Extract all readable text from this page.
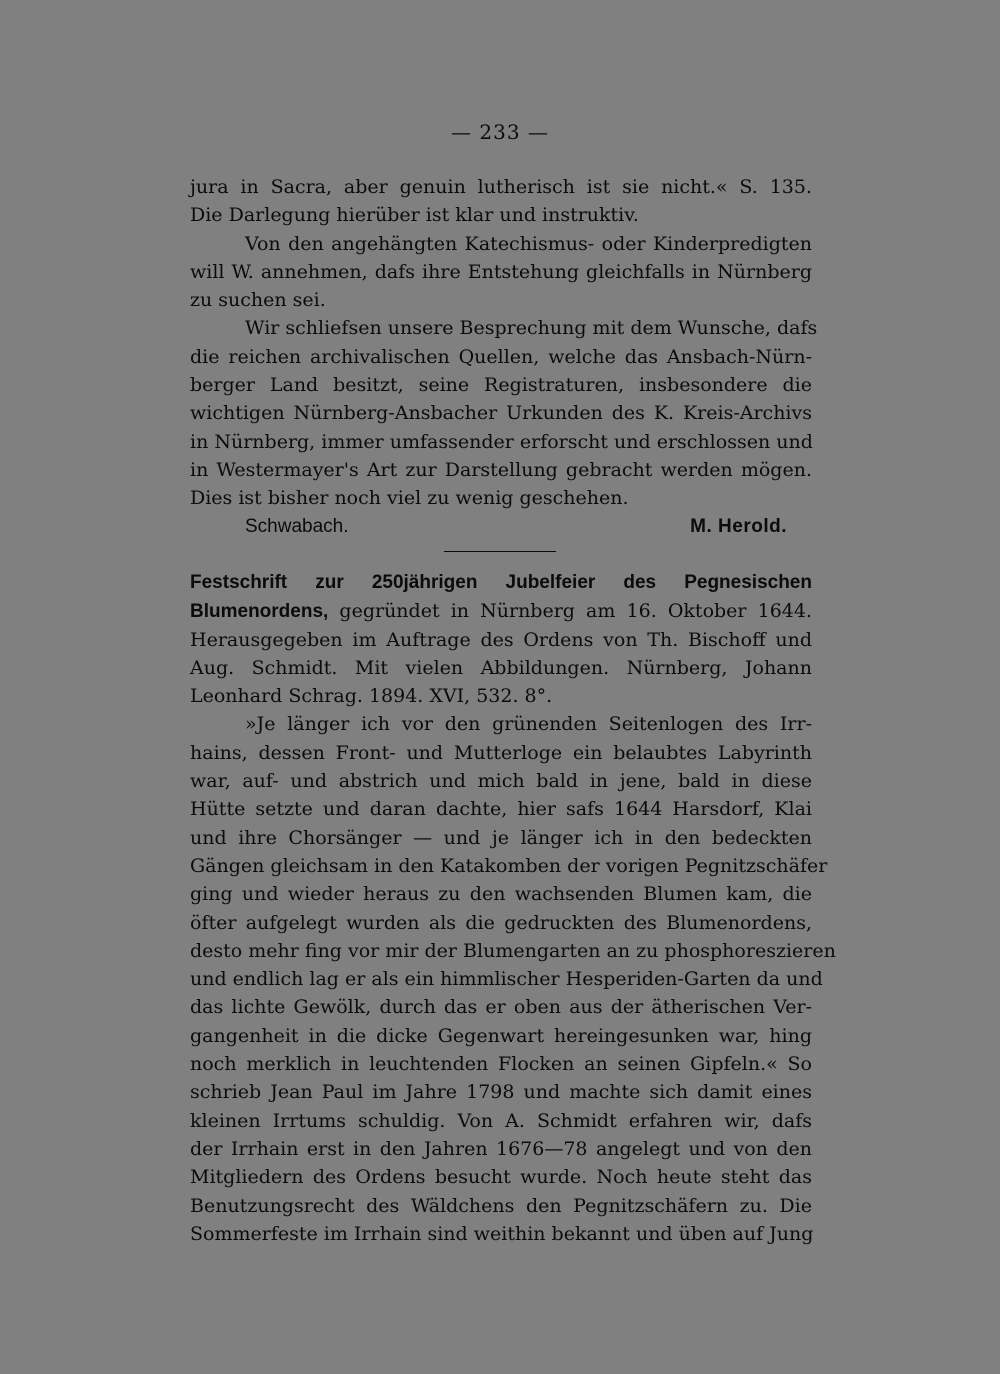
— 233 —
jura in Sacra, aber genuin lutherisch ist sie nicht.« S. 135.
Die Darlegung hierüber ist klar und instruktiv.
Von den angehängten Katechismus- oder Kinderpredigten
will W. annehmen, dafs ihre Entstehung gleichfalls in Nürnberg
zu suchen sei.
Wir schliefsen unsere Besprechung mit dem Wunsche, dafs
die reichen archivalischen Quellen, welche das Ansbach-Nürn-
berger Land besitzt, seine Registraturen, insbesondere die
wichtigen Nürnberg-Ansbacher Urkunden des K. Kreis-Archivs
in Nürnberg, immer umfassender erforscht und erschlossen und
in Westermayer's Art zur Darstellung gebracht werden mögen.
Dies ist bisher noch viel zu wenig geschehen.
Schwabach.	M. Herold.
Festschrift zur 250jährigen Jubelfeier des Pegnesischen
Blumenordens, gegründet in Nürnberg am 16. Oktober 1644.
Herausgegeben im Auftrage des Ordens von Th. Bischoff und
Aug. Schmidt. Mit vielen Abbildungen. Nürnberg, Johann
Leonhard Schrag. 1894. XVI, 532. 8°.
»Je länger ich vor den grünenden Seitenlogen des Irr-
hains, dessen Front- und Mutterloge ein belaubtes Labyrinth
war, auf- und abstrich und mich bald in jene, bald in diese
Hütte setzte und daran dachte, hier safs 1644 Harsdorf, Klai
und ihre Chorsänger — und je länger ich in den bedeckten
Gängen gleichsam in den Katakomben der vorigen Pegnitzschäfer
ging und wieder heraus zu den wachsenden Blumen kam, die
öfter aufgelegt wurden als die gedruckten des Blumenordens,
desto mehr fing vor mir der Blumengarten an zu phosphoreszieren
und endlich lag er als ein himmlischer Hesperiden-Garten da und
das lichte Gewölk, durch das er oben aus der ätherischen Ver-
gangenheit in die dicke Gegenwart hereingesunken war, hing
noch merklich in leuchtenden Flocken an seinen Gipfeln.« So
schrieb Jean Paul im Jahre 1798 und machte sich damit eines
kleinen Irrtums schuldig. Von A. Schmidt erfahren wir, dafs
der Irrhain erst in den Jahren 1676—78 angelegt und von den
Mitgliedern des Ordens besucht wurde. Noch heute steht das
Benutzungsrecht des Wäldchens den Pegnitzschäfern zu. Die
Sommerfeste im Irrhain sind weithin bekannt und üben auf Jung
